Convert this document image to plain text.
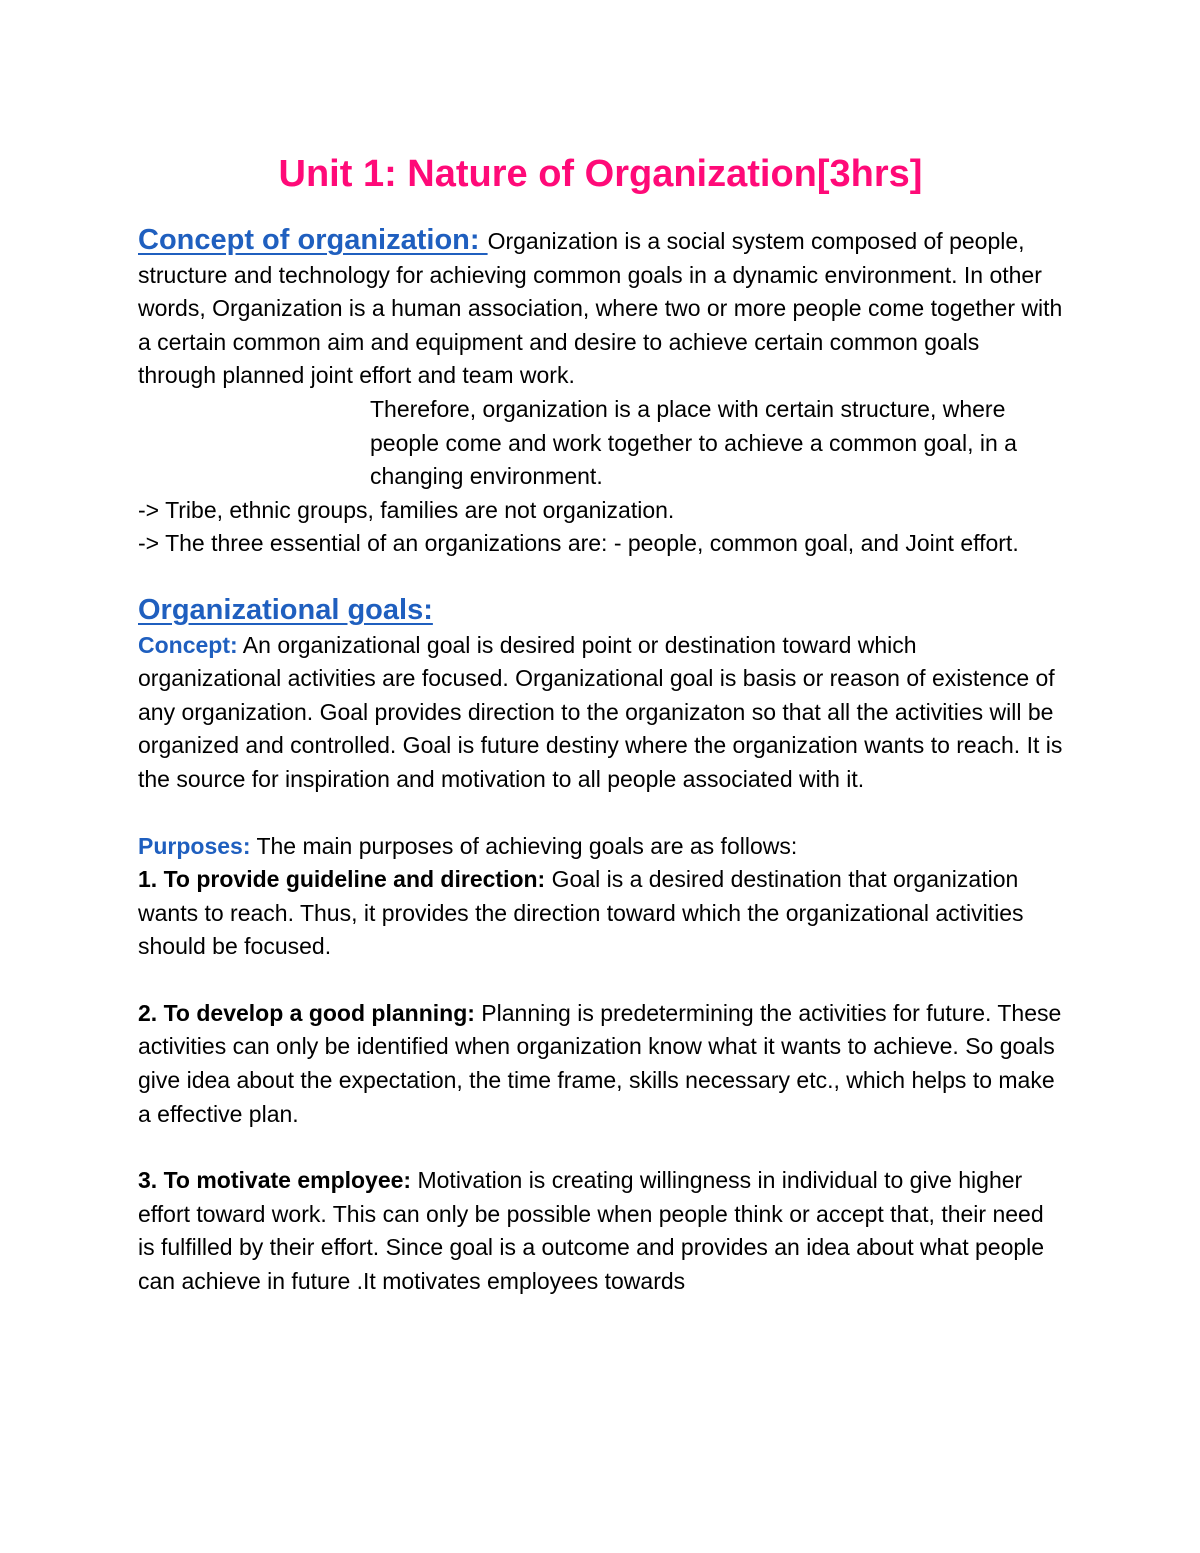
Unit 1: Nature of Organization[3hrs]

Concept of organization: Organization is a social system composed of people, structure and technology for achieving common goals in a dynamic environment. In other words, Organization is a human association, where two or more people come together with a certain common aim and equipment and desire to achieve certain common goals through planned joint effort and team work.

Therefore, organization is a place with certain structure, where people come and work together to achieve a common goal, in a changing environment.

-> Tribe, ethnic groups, families are not organization.

-> The three essential of an organizations are: - people, common goal, and Joint effort.

Organizational goals:

Concept: An organizational goal is desired point or destination toward which organizational activities are focused. Organizational goal is basis or reason of existence of any organization. Goal provides direction to the organizaton so that all the activities will be organized and controlled. Goal is future destiny where the organization wants to reach. It is the source for inspiration and motivation to all people associated with it.

Purposes: The main purposes of achieving goals are as follows:

1. To provide guideline and direction: Goal is a desired destination that organization wants to reach. Thus, it provides the direction toward which the organizational activities should be focused.

2. To develop a good planning: Planning is predetermining the activities for future. These activities can only be identified when organization know what it wants to achieve. So goals give idea about the expectation, the time frame, skills necessary etc., which helps to make a effective plan.

3. To motivate employee: Motivation is creating willingness in individual to give higher effort toward work. This can only be possible when people think or accept that, their need is fulfilled by their effort. Since goal is a outcome and provides an idea about what people can achieve in future .It motivates employees towards
